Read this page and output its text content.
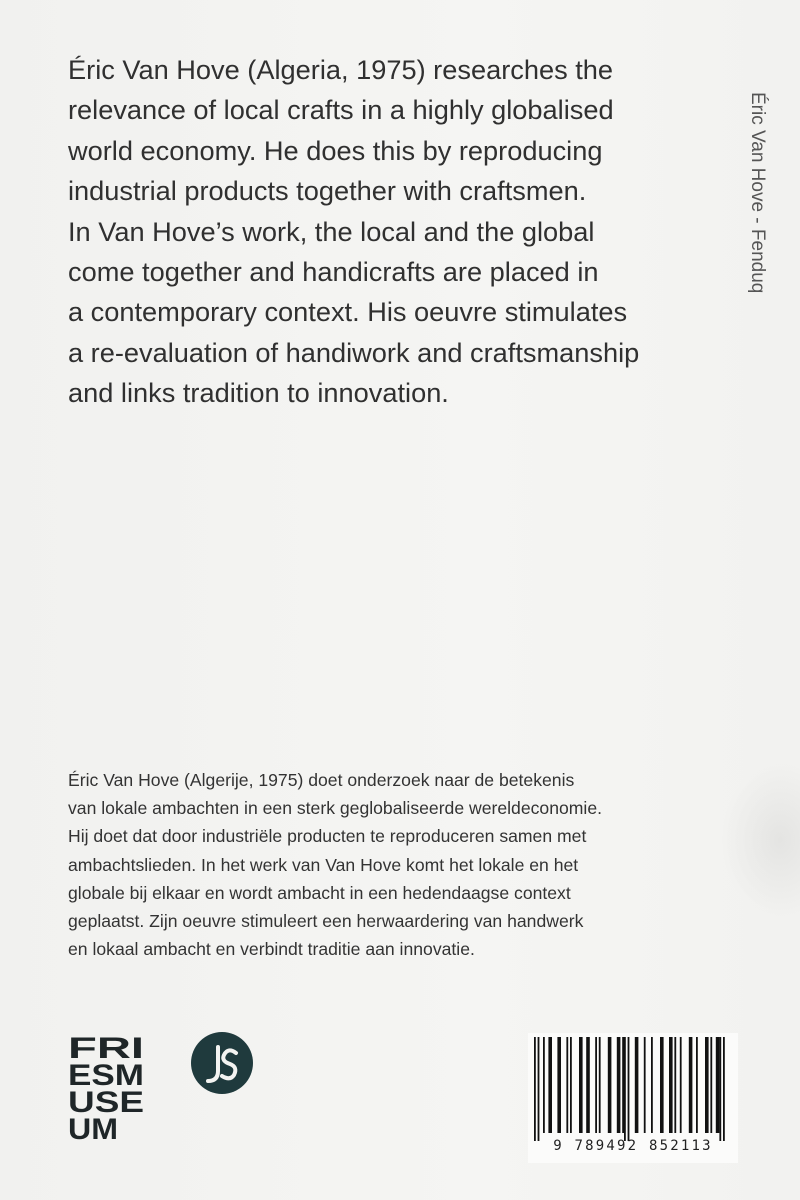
Éric Van Hove (Algeria, 1975) researches the
relevance of local crafts in a highly globalised
world economy. He does this by reproducing
industrial products together with craftsmen.
In Van Hove’s work, the local and the global
come together and handicrafts are placed in
a contemporary context. His oeuvre stimulates
a re-evaluation of handiwork and craftsmanship
and links tradition to innovation.
Éric Van Hove - Fenduq
Éric Van Hove (Algerije, 1975) doet onderzoek naar de betekenis
van lokale ambachten in een sterk geglobaliseerde wereldeconomie.
Hij doet dat door industriële producten te reproduceren samen met
ambachtslieden. In het werk van Van Hove komt het lokale en het
globale bij elkaar en wordt ambacht in een hedendaagse context
geplaatst. Zijn oeuvre stimuleert een herwaardering van handwerk
en lokaal ambacht en verbindt traditie aan innovatie.
FRI
ESM
USE
UM	9 789492 852113
